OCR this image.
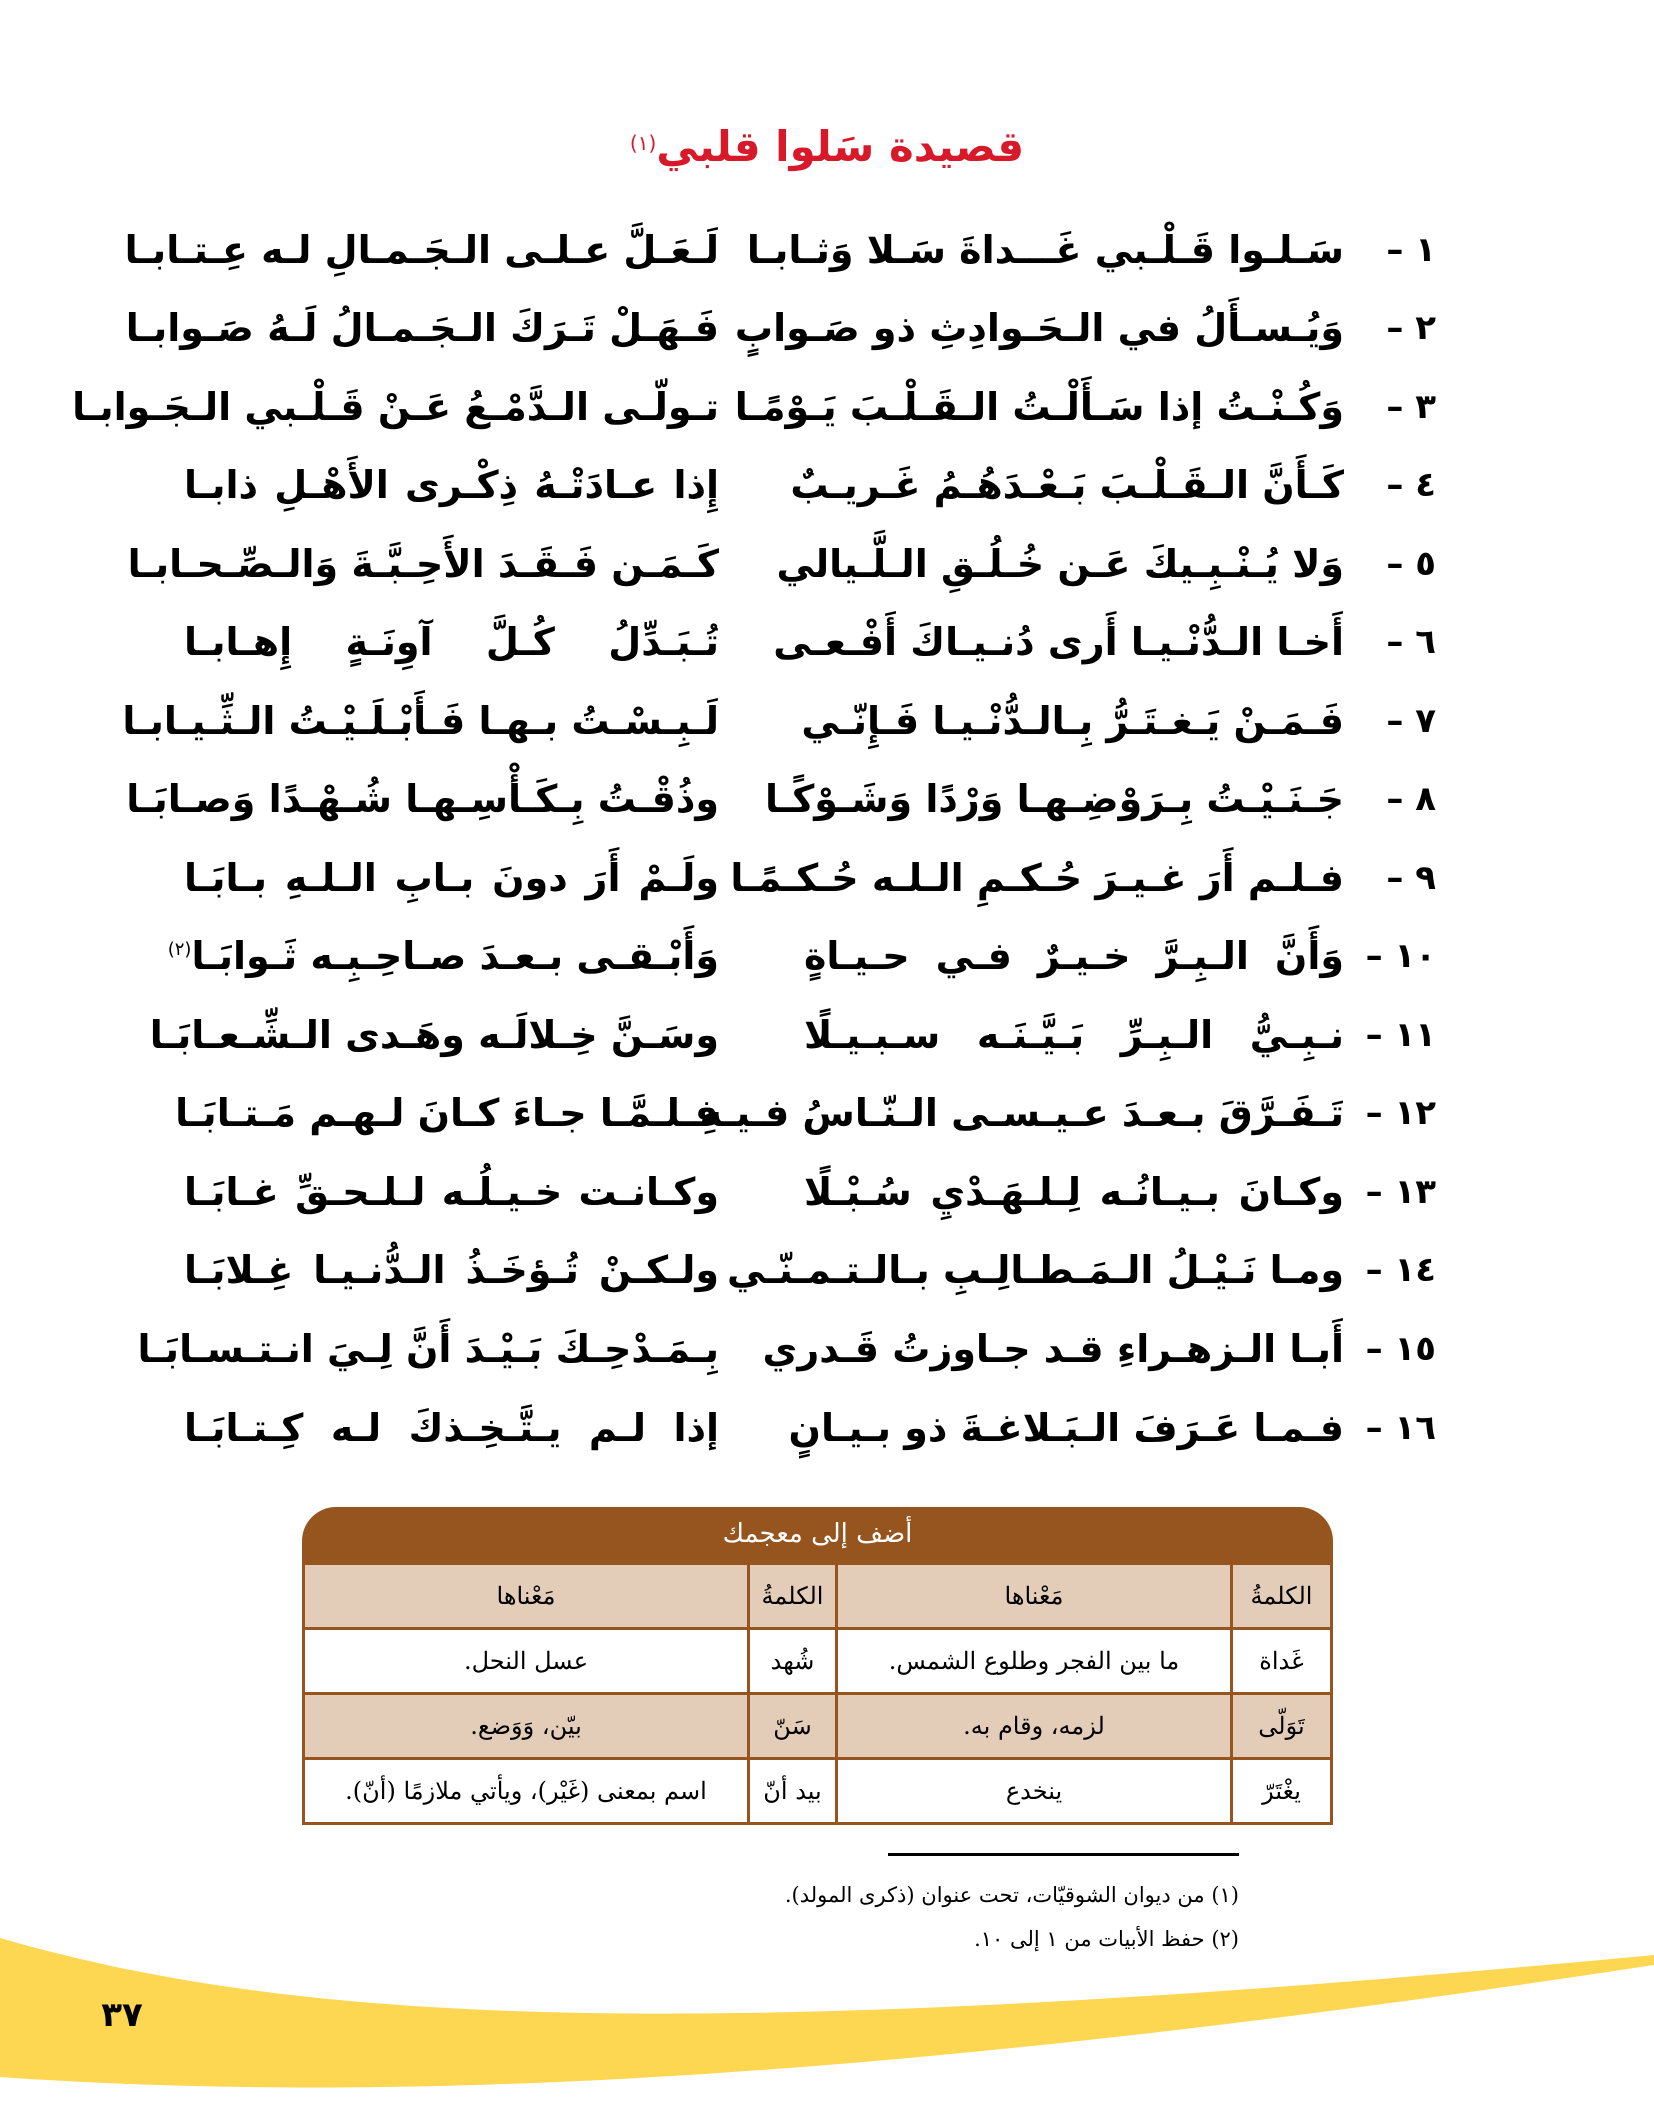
قصيدة سَلوا قلبي$^{(١)}$
١ –
سَـلـوا قَـلْـبي غَـــداةَ سَـلا وَثـابـا
لَـعَـلَّ عـلـى الـجَـمـالِ لـه عِـتـابـا
٢ –
وَيُـسـأَلُ في الـحَـوادِثِ ذو صَـوابٍ
فَـهَـلْ تَـرَكَ الـجَـمـالُ لَـهُ صَـوابـا
٣ –
وَكُـنْـتُ إذا سَـأَلْـتُ الـقَـلْـبَ يَـوْمًـا
تـولّـى الـدَّمْـعُ عَـنْ قَـلْـبي الـجَـوابـا
٤ –
كَـأَنَّ الـقَـلْـبَ بَـعْـدَهُـمُ غَـريـبٌ
إِذا عـادَتْـهُ ذِكْـرى الأَهْـلِ ذابـا
٥ –
وَلا يُـنْـبِـيكَ عَـن خُـلُـقِ الـلَّـيالي
كَـمَـن فَـقَـدَ الأَحِـبَّـةَ وَالـصِّـحـابـا
٦ –
أَخـا الـدُّنْـيـا أَرى دُنـيـاكَ أَفْـعـى
تُـبَـدِّلُ كُـلَّ آوِنَـةٍ إِهـابـا
٧ –
فَـمَـنْ يَـغـتَـرُّ بِـالـدُّنْـيـا فَـإِنّـي
لَـبِـسْـتُ بـهـا فَـأَبْـلَـيْـتُ الـثِّـيـابـا
٨ –
جَـنَـيْـتُ بِـرَوْضِـهـا وَرْدًا وَشَـوْكًـا
وذُقْـتُ بِـكَـأْسِـهـا شُـهْـدًا وَصـابَـا
٩ –
فـلـم أَرَ غـيـرَ حُـكـمِ الـلـه حُـكـمًـا
ولَـمْ أَرَ دونَ بـابِ الـلـهِ بـابَـا
١٠ –
وَأَنَّ الـبِـرَّ خـيـرٌ فـي حـيـاةٍ
وَأَبْـقـى بـعـدَ صـاحِـبِـه ثَـوابَـا$^{(٢)}$
١١ –
نـبِـيُّ الـبِـرِّ بَـيَّـنَـه سـبـيـلًا
وسَـنَّ خِـلالَـه وهَـدى الـشِّـعـابَـا
١٢ –
تَـفَـرَّقَ بـعـدَ عـيـسـى الـنّـاسُ فـيـهِ
فـلـمَّـا جـاءَ كـانَ لـهـم مَـتـابَـا
١٣ –
وكـانَ بـيـانُـه لِـلـهَـدْيِ سُـبْـلًا
وكـانـت خـيـلُـه لـلـحـقِّ غـابَـا
١٤ –
ومـا نَـيْـلُ الـمَـطـالِـبِ بـالـتـمـنّـي
ولـكـنْ تُـؤخَـذُ الـدُّنـيـا غِـلابَـا
١٥ –
أَبـا الـزهـراءِ قـد جـاوزتُ قَـدري
بِـمَـدْحِـكَ بَـيْـدَ أَنَّ لِـيَ انـتـسـابَـا
١٦ –
فـمـا عَـرَفَ الـبَـلاغـةَ ذو بـيـانٍ
إذا لـم يـتَّـخِـذكَ لـه كِـتـابَـا
أضف إلى معجمك
الكلمةُ	مَعْناها	الكلمةُ	مَعْناها
غَداة	ما بين الفجر وطلوع الشمس.	شُهد	عسل النحل.
تَوَلّى	لزمه، وقام به.	سَنّ	بيّن، وَوَضع.
يغْتَرّ	ينخدع	بيد أنّ	اسم بمعنى (غَيْر)، ويأتي ملازمًا (أنّ).
(١) من ديوان الشوقيّات، تحت عنوان (ذكرى المولد).
(٢) حفظ الأبيات من ١ إلى ١٠.
٣٧
